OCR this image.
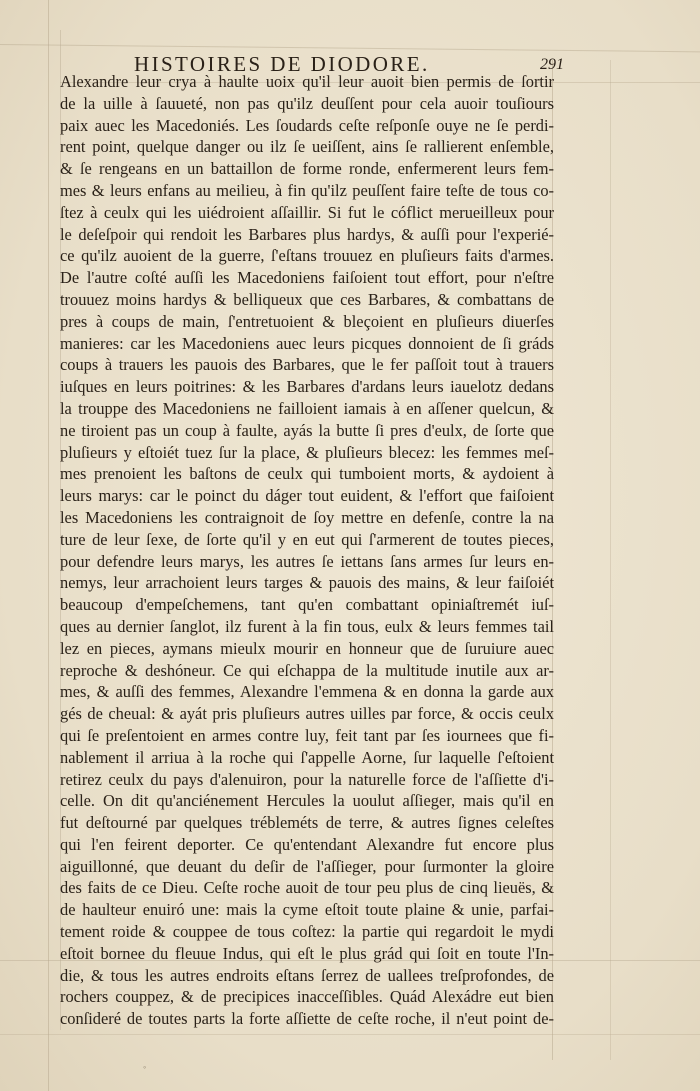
HISTOIRES DE DIODORE.	291
Alexandre leur crya à haulte uoix qu'il leur auoit bien permis de ſortir
de la uille à ſauueté, non pas qu'ilz deuſſent pour cela auoir touſiours
paix auec les Macedoniés. Les ſoudards ceſte reſponſe ouye ne ſe perdi-
rent point, quelque danger ou ilz ſe ueiſſent, ains ſe rallierent enſemble,
& ſe rengeans en un battaillon de forme ronde, enfermerent leurs fem-
mes & leurs enfans au meilieu, à fin qu'ilz peuſſent faire teſte de tous co-
ſtez à ceulx qui les uiédroient aſſaillir. Si fut le cóflict merueilleux pour
le deſeſpoir qui rendoit les Barbares plus hardys, & auſſi pour l'experié-
ce qu'ilz auoient de la guerre, ſ'eſtans trouuez en pluſieurs faits d'armes.
De l'autre coſté auſſi les Macedoniens faiſoient tout effort, pour n'eſtre
trouuez moins hardys & belliqueux que ces Barbares, & combattans de
pres à coups de main, ſ'entretuoient & bleçoient en pluſieurs diuerſes
manieres: car les Macedoniens auec leurs picques donnoient de ſi gráds
coups à trauers les pauois des Barbares, que le fer paſſoit tout à trauers
iuſques en leurs poitrines: & les Barbares d'ardans leurs iauelotz dedans
la trouppe des Macedoniens ne failloient iamais à en aſſener quelcun, &
ne tiroient pas un coup à faulte, ayás la butte ſi pres d'eulx, de ſorte que
pluſieurs y eſtoiét tuez ſur la place, & pluſieurs blecez: les femmes meſ-
mes prenoient les baſtons de ceulx qui tumboient morts, & aydoient à
leurs marys: car le poinct du dáger tout euident, & l'effort que faiſoient
les Macedoniens les contraignoit de ſoy mettre en defenſe, contre la na
ture de leur ſexe, de ſorte qu'il y en eut qui ſ'armerent de toutes pieces,
pour defendre leurs marys, les autres ſe iettans ſans armes ſur leurs en-
nemys, leur arrachoient leurs targes & pauois des mains, & leur faiſoiét
beaucoup d'empeſchemens, tant qu'en combattant opiniaſtremét iuſ-
ques au dernier ſanglot, ilz furent à la fin tous, eulx & leurs femmes tail
lez en pieces, aymans mieulx mourir en honneur que de ſuruiure auec
reproche & deshóneur. Ce qui eſchappa de la multitude inutile aux ar-
mes, & auſſi des femmes, Alexandre l'emmena & en donna la garde aux
gés de cheual: & ayát pris pluſieurs autres uilles par force, & occis ceulx
qui ſe preſentoient en armes contre luy, feit tant par ſes iournees que fi-
nablement il arriua à la roche qui ſ'appelle Aorne, ſur laquelle ſ'eſtoient
retirez ceulx du pays d'alenuiron, pour la naturelle force de l'aſſiette d'i-
celle. On dit qu'anciénement Hercules la uoulut aſſieger, mais qu'il en
fut deſtourné par quelques trébleméts de terre, & autres ſignes celeſtes
qui l'en feirent deporter. Ce qu'entendant Alexandre fut encore plus
aiguillonné, que deuant du deſir de l'aſſieger, pour ſurmonter la gloire
des faits de ce Dieu. Ceſte roche auoit de tour peu plus de cinq lieuës, &
de haulteur enuiró une: mais la cyme eſtoit toute plaine & unie, parfai-
tement roide & couppee de tous coſtez: la partie qui regardoit le mydi
eſtoit bornee du fleuue Indus, qui eſt le plus grád qui ſoit en toute l'In-
die, & tous les autres endroits eſtans ſerrez de uallees treſprofondes, de
rochers couppez, & de precipices inacceſſibles. Quád Alexádre eut bien
conſideré de toutes parts la forte aſſiette de ceſte roche, il n'eut point de-
◦
